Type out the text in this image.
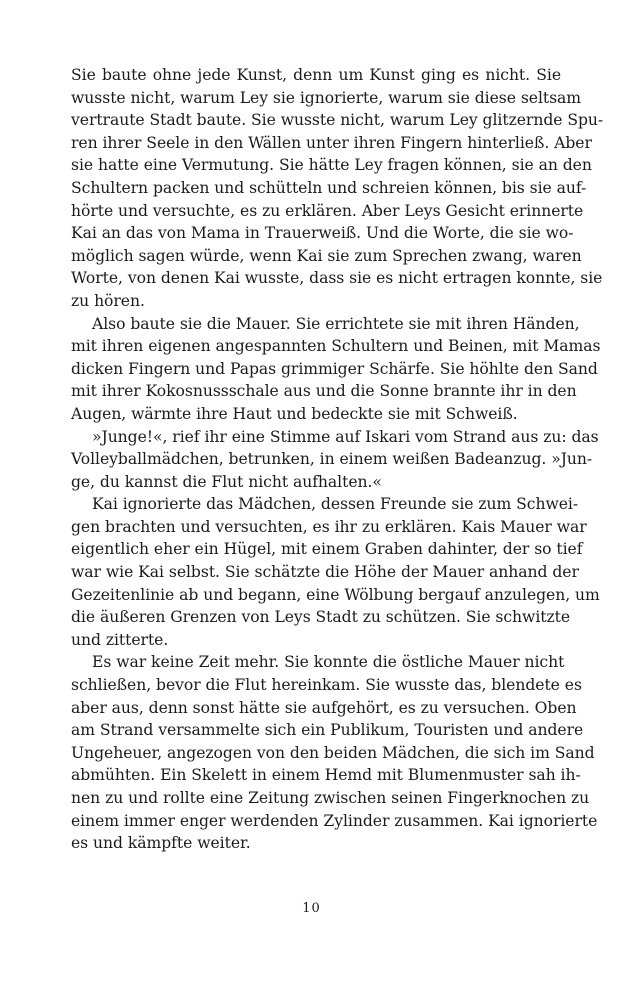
Sie baute ohne jede Kunst, denn um Kunst ging es nicht. Sie
wusste nicht, warum Ley sie ignorierte, warum sie diese seltsam
vertraute Stadt baute. Sie wusste nicht, warum Ley glitzernde Spu-
ren ihrer Seele in den Wällen unter ihren Fingern hinterließ. Aber
sie hatte eine Vermutung. Sie hätte Ley fragen können, sie an den
Schultern packen und schütteln und schreien können, bis sie auf-
hörte und versuchte, es zu erklären. Aber Leys Gesicht erinnerte
Kai an das von Mama in Trauerweiß. Und die Worte, die sie wo-
möglich sagen würde, wenn Kai sie zum Sprechen zwang, waren
Worte, von denen Kai wusste, dass sie es nicht ertragen konnte, sie
zu hören.

Also baute sie die Mauer. Sie errichtete sie mit ihren Händen,
mit ihren eigenen angespannten Schultern und Beinen, mit Mamas
dicken Fingern und Papas grimmiger Schärfe. Sie höhlte den Sand
mit ihrer Kokosnussschale aus und die Sonne brannte ihr in den
Augen, wärmte ihre Haut und bedeckte sie mit Schweiß.

»Junge!«, rief ihr eine Stimme auf Iskari vom Strand aus zu: das
Volleyballmädchen, betrunken, in einem weißen Badeanzug. »Jun-
ge, du kannst die Flut nicht aufhalten.«

Kai ignorierte das Mädchen, dessen Freunde sie zum Schwei-
gen brachten und versuchten, es ihr zu erklären. Kais Mauer war
eigentlich eher ein Hügel, mit einem Graben dahinter, der so tief
war wie Kai selbst. Sie schätzte die Höhe der Mauer anhand der
Gezeitenlinie ab und begann, eine Wölbung bergauf anzulegen, um
die äußeren Grenzen von Leys Stadt zu schützen. Sie schwitzte
und zitterte.

Es war keine Zeit mehr. Sie konnte die östliche Mauer nicht
schließen, bevor die Flut hereinkam. Sie wusste das, blendete es
aber aus, denn sonst hätte sie aufgehört, es zu versuchen. Oben
am Strand versammelte sich ein Publikum, Touristen und andere
Ungeheuer, angezogen von den beiden Mädchen, die sich im Sand
abmühten. Ein Skelett in einem Hemd mit Blumenmuster sah ih-
nen zu und rollte eine Zeitung zwischen seinen Fingerknochen zu
einem immer enger werdenden Zylinder zusammen. Kai ignorierte
es und kämpfte weiter.

10
